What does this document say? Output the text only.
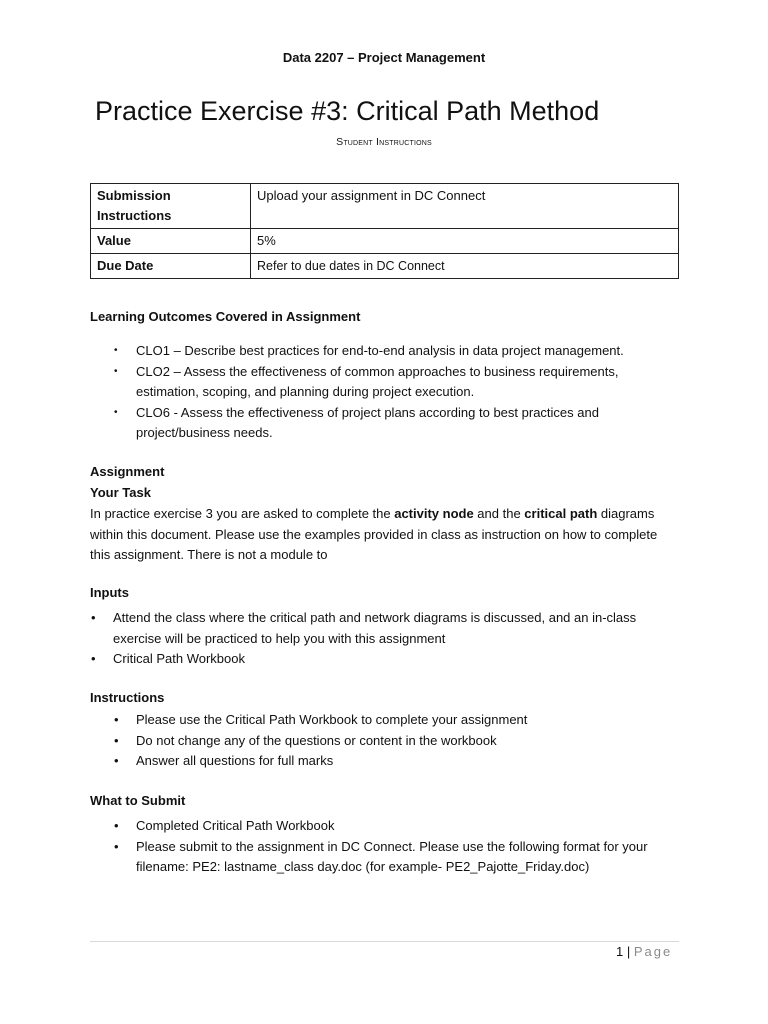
Data 2207 – Project Management
Practice Exercise #3: Critical Path Method
Student Instructions
Submission Instructions	Upload your assignment in DC Connect
Value	5%
Due Date	Refer to due dates in DC Connect
Learning Outcomes Covered in Assignment
• CLO1 – Describe best practices for end-to-end analysis in data project management.
• CLO2 – Assess the effectiveness of common approaches to business requirements, estimation, scoping, and planning during project execution.
• CLO6 - Assess the effectiveness of project plans according to best practices and project/business needs.
Assignment
Your Task
In practice exercise 3 you are asked to complete the activity node and the critical path diagrams within this document. Please use the examples provided in class as instruction on how to complete this assignment. There is not a module to
Inputs
• Attend the class where the critical path and network diagrams is discussed, and an in-class exercise will be practiced to help you with this assignment
• Critical Path Workbook
Instructions
• Please use the Critical Path Workbook to complete your assignment
• Do not change any of the questions or content in the workbook
• Answer all questions for full marks
What to Submit
• Completed Critical Path Workbook
• Please submit to the assignment in DC Connect. Please use the following format for your filename: PE2: lastname_class day.doc (for example- PE2_Pajotte_Friday.doc)
1 | Page
